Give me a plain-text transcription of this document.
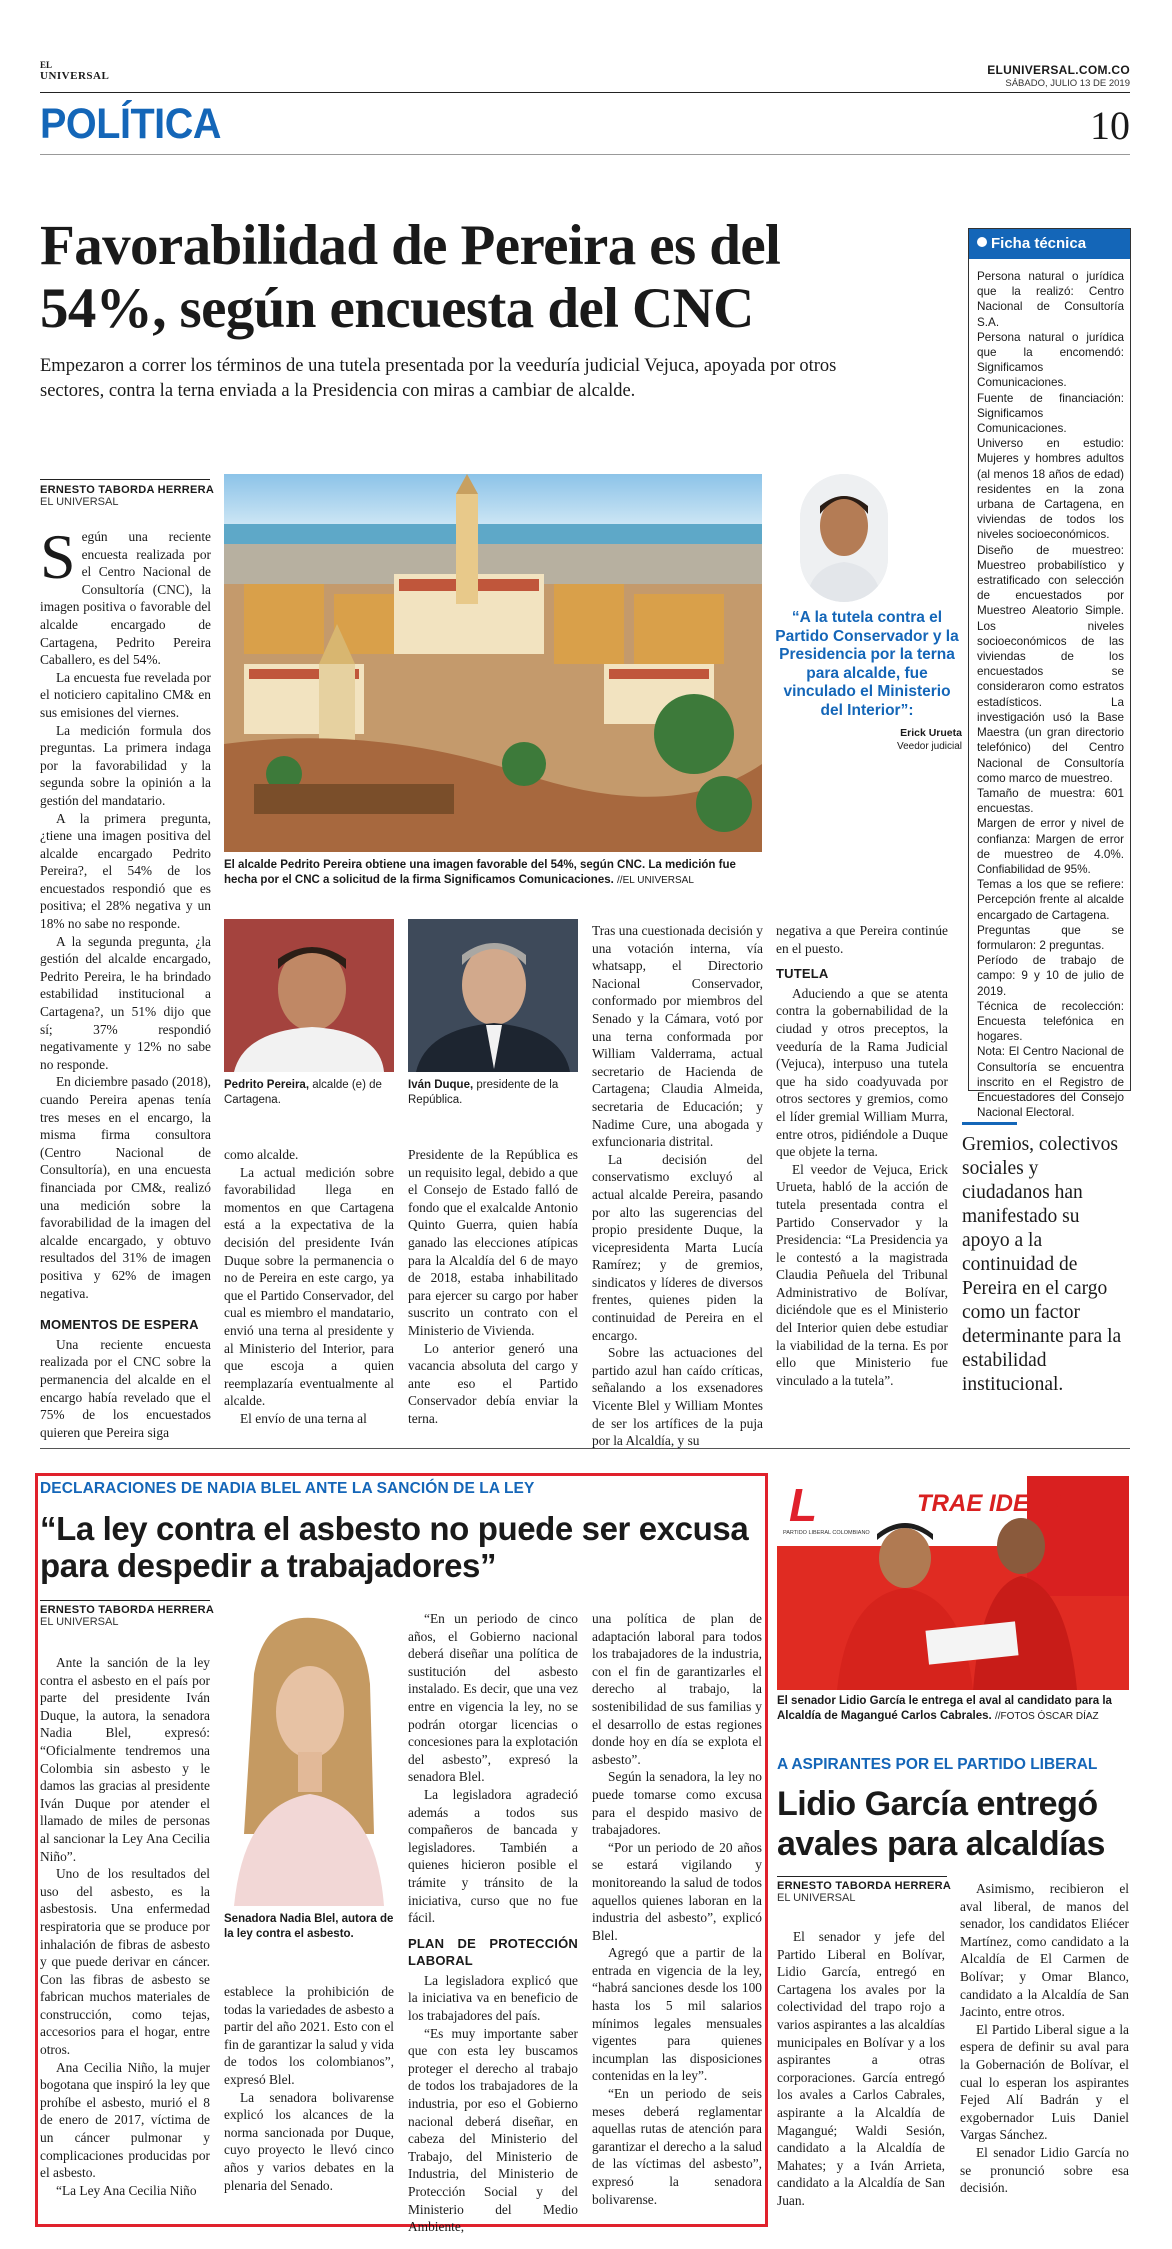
EL
UNIVERSAL	ELUNIVERSAL.COM.CO
SÁBADO, JULIO 13 DE 2019
POLÍTICA	10
Favorabilidad de Pereira es del
54%, según encuesta del CNC
Empezaron a correr los términos de una tutela presentada por la veeduría judicial Vejuca, apoyada por otros sectores, contra la terna enviada a la Presidencia con miras a cambiar de alcalde.
ERNESTO TABORDA HERRERA
EL UNIVERSAL
El alcalde Pedrito Pereira obtiene una imagen favorable del 54%, según CNC. La medición fue hecha por el CNC a solicitud de la firma Significamos Comunicaciones. //EL UNIVERSAL
“A la tutela contra el Partido Conservador y la Presidencia por la terna para alcalde, fue vinculado el Ministerio del Interior”:
Erick Urueta
Veedor judicial

Según una reciente encuesta realizada por el Centro Nacional de Consultoría (CNC), la imagen positiva o favorable del alcalde encargado de Cartagena, Pedrito Pereira Caballero, es del 54%.

La encuesta fue revelada por el noticiero capitalino CM& en sus emisiones del viernes.

La medición formula dos preguntas. La primera indaga por la favorabilidad y la segunda sobre la opinión a la gestión del mandatario.

A la primera pregunta, ¿tiene una imagen positiva del alcalde encargado Pedrito Pereira?, el 54% de los encuestados respondió que es positiva; el 28% negativa y un 18% no sabe no responde.

A la segunda pregunta, ¿la gestión del alcalde encargado, Pedrito Pereira, le ha brindado estabilidad institucional a Cartagena?, un 51% dijo que sí; 37% respondió negativamente y 12% no sabe no responde.

En diciembre pasado (2018), cuando Pereira apenas tenía tres meses en el encargo, la misma firma consultora (Centro Nacional de Consultoría), en una encuesta financiada por CM&, realizó una medición sobre la favorabilidad de la imagen del alcalde encargado, y obtuvo resultados del 31% de imagen positiva y 62% de imagen negativa.

MOMENTOS DE ESPERA

Una reciente encuesta realizada por el CNC sobre la permanencia del alcalde en el encargo había revelado que el 75% de los encuestados quieren que Pereira siga

Pedrito Pereira, alcalde (e) de Cartagena.
Iván Duque, presidente de la República.

como alcalde.

La actual medición sobre favorabilidad llega en momentos en que Cartagena está a la expectativa de la decisión del presidente Iván Duque sobre la permanencia o no de Pereira en este cargo, ya que el Partido Conservador, del cual es miembro el mandatario, envió una terna al presidente y al Ministerio del Interior, para que escoja a quien reemplazaría eventualmente al alcalde.

El envío de una terna al

Presidente de la República es un requisito legal, debido a que el Consejo de Estado falló de fondo que el exalcalde Antonio Quinto Guerra, quien había ganado las elecciones atípicas para la Alcaldía del 6 de mayo de 2018, estaba inhabilitado para ejercer su cargo por haber suscrito un contrato con el Ministerio de Vivienda.

Lo anterior generó una vacancia absoluta del cargo y ante eso el Partido Conservador debía enviar la terna.

Tras una cuestionada decisión y una votación interna, vía whatsapp, el Directorio Nacional Conservador, conformado por miembros del Senado y la Cámara, votó por una terna conformada por William Valderrama, actual secretario de Hacienda de Cartagena; Claudia Almeida, secretaria de Educación; y Nadime Cure, una abogada y exfuncionaria distrital.

La decisión del conservatismo excluyó al actual alcalde Pereira, pasando por alto las sugerencias del propio presidente Duque, la vicepresidenta Marta Lucía Ramírez; y de gremios, sindicatos y líderes de diversos frentes, quienes piden la continuidad de Pereira en el encargo.

Sobre las actuaciones del partido azul han caído críticas, señalando a los exsenadores Vicente Blel y William Montes de ser los artífices de la puja por la Alcaldía, y su

negativa a que Pereira continúe en el puesto.

TUTELA

Aduciendo a que se atenta contra la gobernabilidad de la ciudad y otros preceptos, la veeduría de la Rama Judicial (Vejuca), interpuso una tutela que ha sido coadyuvada por otros sectores y gremios, como el líder gremial William Murra, entre otros, pidiéndole a Duque que objete la terna.

El veedor de Vejuca, Erick Urueta, habló de la acción de tutela presentada contra el Partido Conservador y la Presidencia: “La Presidencia ya le contestó a la magistrada Claudia Peñuela del Tribunal Administrativo de Bolívar, diciéndole que es el Ministerio del Interior quien debe estudiar la viabilidad de la terna. Es por ello que Ministerio fue vinculado a la tutela”.

Ficha técnica
Persona natural o jurídica que la realizó: Centro Nacional de Consultoría S.A.
Persona natural o jurídica que la encomendó: Significamos Comunicaciones.
Fuente de financiación: Significamos Comunicaciones.
Universo en estudio: Mujeres y hombres adultos (al menos 18 años de edad) residentes en la zona urbana de Cartagena, en viviendas de todos los niveles socioeconómicos.
Diseño de muestreo: Muestreo probabilístico y estratificado con selección de encuestados por Muestreo Aleatorio Simple. Los niveles socioeconómicos de las viviendas de los encuestados se consideraron como estratos estadísticos. La investigación usó la Base Maestra (un gran directorio telefónico) del Centro Nacional de Consultoría como marco de muestreo.
Tamaño de muestra: 601 encuestas.
Margen de error y nivel de confianza: Margen de error de muestreo de 4.0%. Confiabilidad de 95%.
Temas a los que se refiere: Percepción frente al alcalde encargado de Cartagena.
Preguntas que se formularon: 2 preguntas.
Período de trabajo de campo: 9 y 10 de julio de 2019.
Técnica de recolección: Encuesta telefónica en hogares.
Nota: El Centro Nacional de Consultoría se encuentra inscrito en el Registro de Encuestadores del Consejo Nacional Electoral.
Gremios, colectivos sociales y ciudadanos han manifestado su apoyo a la continuidad de Pereira en el cargo como un factor determinante para la estabilidad institucional.
DECLARACIONES DE NADIA BLEL ANTE LA SANCIÓN DE LA LEY
“La ley contra el asbesto no puede ser excusa para despedir a trabajadores”
ERNESTO TABORDA HERRERA
EL UNIVERSAL
Senadora Nadia Blel, autora de la ley contra el asbesto.

Ante la sanción de la ley contra el asbesto en el país por parte del presidente Iván Duque, la autora, la senadora Nadia Blel, expresó: “Oficialmente tendremos una Colombia sin asbesto y le damos las gracias al presidente Iván Duque por atender el llamado de miles de personas al sancionar la Ley Ana Cecilia Niño”.

Uno de los resultados del uso del asbesto, es la asbestosis. Una enfermedad respiratoria que se produce por inhalación de fibras de asbesto y que puede derivar en cáncer. Con las fibras de asbesto se fabrican muchos materiales de construcción, como tejas, accesorios para el hogar, entre otros.

Ana Cecilia Niño, la mujer bogotana que inspiró la ley que prohíbe el asbesto, murió el 8 de enero de 2017, víctima de un cáncer pulmonar y complicaciones producidas por el asbesto.

“La Ley Ana Cecilia Niño

establece la prohibición de todas la variedades de asbesto a partir del año 2021. Esto con el fin de garantizar la salud y vida de todos los colombianos”, expresó Blel.

La senadora bolivarense explicó los alcances de la norma sancionada por Duque, cuyo proyecto le llevó cinco años y varios debates en la plenaria del Senado.

“En un periodo de cinco años, el Gobierno nacional deberá diseñar una política de sustitución del asbesto instalado. Es decir, que una vez entre en vigencia la ley, no se podrán otorgar licencias o concesiones para la explotación del asbesto”, expresó la senadora Blel.

La legisladora agradeció además a todos sus compañeros de bancada y legisladores. También a quienes hicieron posible el trámite y tránsito de la iniciativa, curso que no fue fácil.

PLAN DE PROTECCIÓN LABORAL

La legisladora explicó que la iniciativa va en beneficio de los trabajadores del país.

“Es muy importante saber que con esta ley buscamos proteger el derecho al trabajo de todos los trabajadores de la industria, por eso el Gobierno nacional deberá diseñar, en cabeza del Ministerio del Trabajo, del Ministerio de Industria, del Ministerio de Protección Social y del Ministerio del Medio Ambiente,

una política de plan de adaptación laboral para todos los trabajadores de la industria, con el fin de garantizarles el derecho al trabajo, la sostenibilidad de sus familias y el desarrollo de estas regiones donde hoy en día se explota el asbesto”.

Según la senadora, la ley no puede tomarse como excusa para el despido masivo de trabajadores.

“Por un periodo de 20 años se estará vigilando y monitoreando la salud de todos aquellos quienes laboran en la industria del asbesto”, explicó Blel.

Agregó que a partir de la entrada en vigencia de la ley, “habrá sanciones desde los 100 hasta los 5 mil salarios mínimos legales mensuales vigentes para quienes incumplan las disposiciones contenidas en la ley”.

“En un periodo de seis meses deberá reglamentar aquellas rutas de atención para garantizar el derecho a la salud de las víctimas del asbesto”, expresó la senadora bolivarense.

TRAE IDEAS
L
PARTIDO LIBERAL COLOMBIANO
El senador Lidio García le entrega el aval al candidato para la Alcaldía de Magangué Carlos Cabrales. //FOTOS ÓSCAR DÍAZ
A ASPIRANTES POR EL PARTIDO LIBERAL
Lidio García entregó avales para alcaldías
ERNESTO TABORDA HERRERA
EL UNIVERSAL

El senador y jefe del Partido Liberal en Bolívar, Lidio García, entregó en Cartagena los avales por la colectividad del trapo rojo a varios aspirantes a las alcaldías municipales en Bolívar y a los aspirantes a otras corporaciones. García entregó los avales a Carlos Cabrales, aspirante a la Alcaldía de Magangué; Waldi Sesión, candidato a la Alcaldía de Mahates; y a Iván Arrieta, candidato a la Alcaldía de San Juan.

Asimismo, recibieron el aval liberal, de manos del senador, los candidatos Eliécer Martínez, como candidato a la Alcaldía de El Carmen de Bolívar; y Omar Blanco, candidato a la Alcaldía de San Jacinto, entre otros.

El Partido Liberal sigue a la espera de definir su aval para la Gobernación de Bolívar, el cual lo esperan los aspirantes Fejed Alí Badrán y el exgobernador Luis Daniel Vargas Sánchez.

El senador Lidio García no se pronunció sobre esa decisión.
